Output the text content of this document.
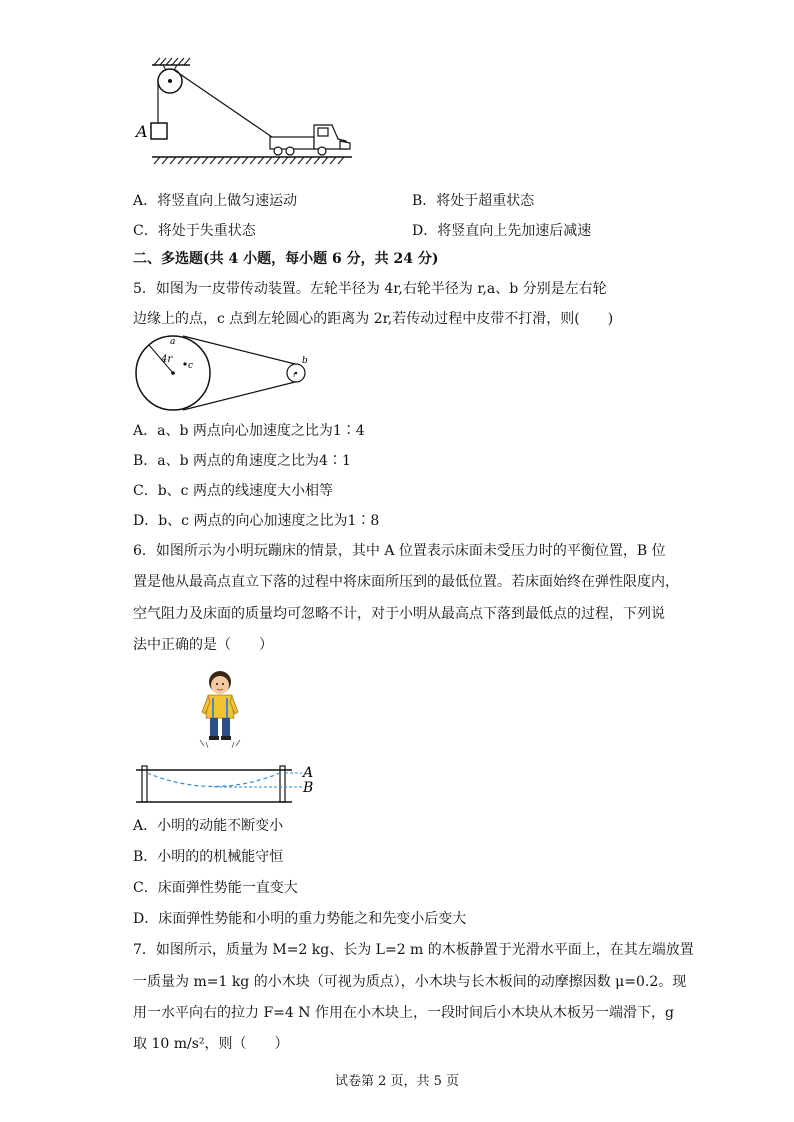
A
A．将竖直向上做匀速运动	B．将处于超重状态
C．将处于失重状态	D．将竖直向上先加速后减速
二、多选题(共 4 小题，每小题 6 分，共 24 分)
5．如图为一皮带传动装置。左轮半径为 4r,右轮半径为 r,a、b 分别是左右轮
边缘上的点，c 点到左轮圆心的距离为 2r,若传动过程中皮带不打滑，则(　　)
a
4r
c	b
r
A．a、b 两点向心加速度之比为1∶4
B．a、b 两点的角速度之比为4∶1
C．b、c 两点的线速度大小相等
D．b、c 两点的向心加速度之比为1∶8
6．如图所示为小明玩蹦床的情景，其中 A 位置表示床面未受压力时的平衡位置，B 位
置是他从最高点直立下落的过程中将床面所压到的最低位置。若床面始终在弹性限度内，
空气阻力及床面的质量均可忽略不计，对于小明从最高点下落到最低点的过程，下列说
法中正确的是（　　）
A
B
A．小明的动能不断变小
B．小明的的机械能守恒
C．床面弹性势能一直变大
D．床面弹性势能和小明的重力势能之和先变小后变大
7．如图所示，质量为 M=2 kg、长为 L=2 m 的木板静置于光滑水平面上，在其左端放置
一质量为 m=1 kg 的小木块（可视为质点），小木块与长木板间的动摩擦因数 μ=0.2。现
用一水平向右的拉力 F=4 N 作用在小木块上，一段时间后小木块从木板另一端滑下，g
取 10 m/s²，则（　　）
试卷第 2 页，共 5 页
